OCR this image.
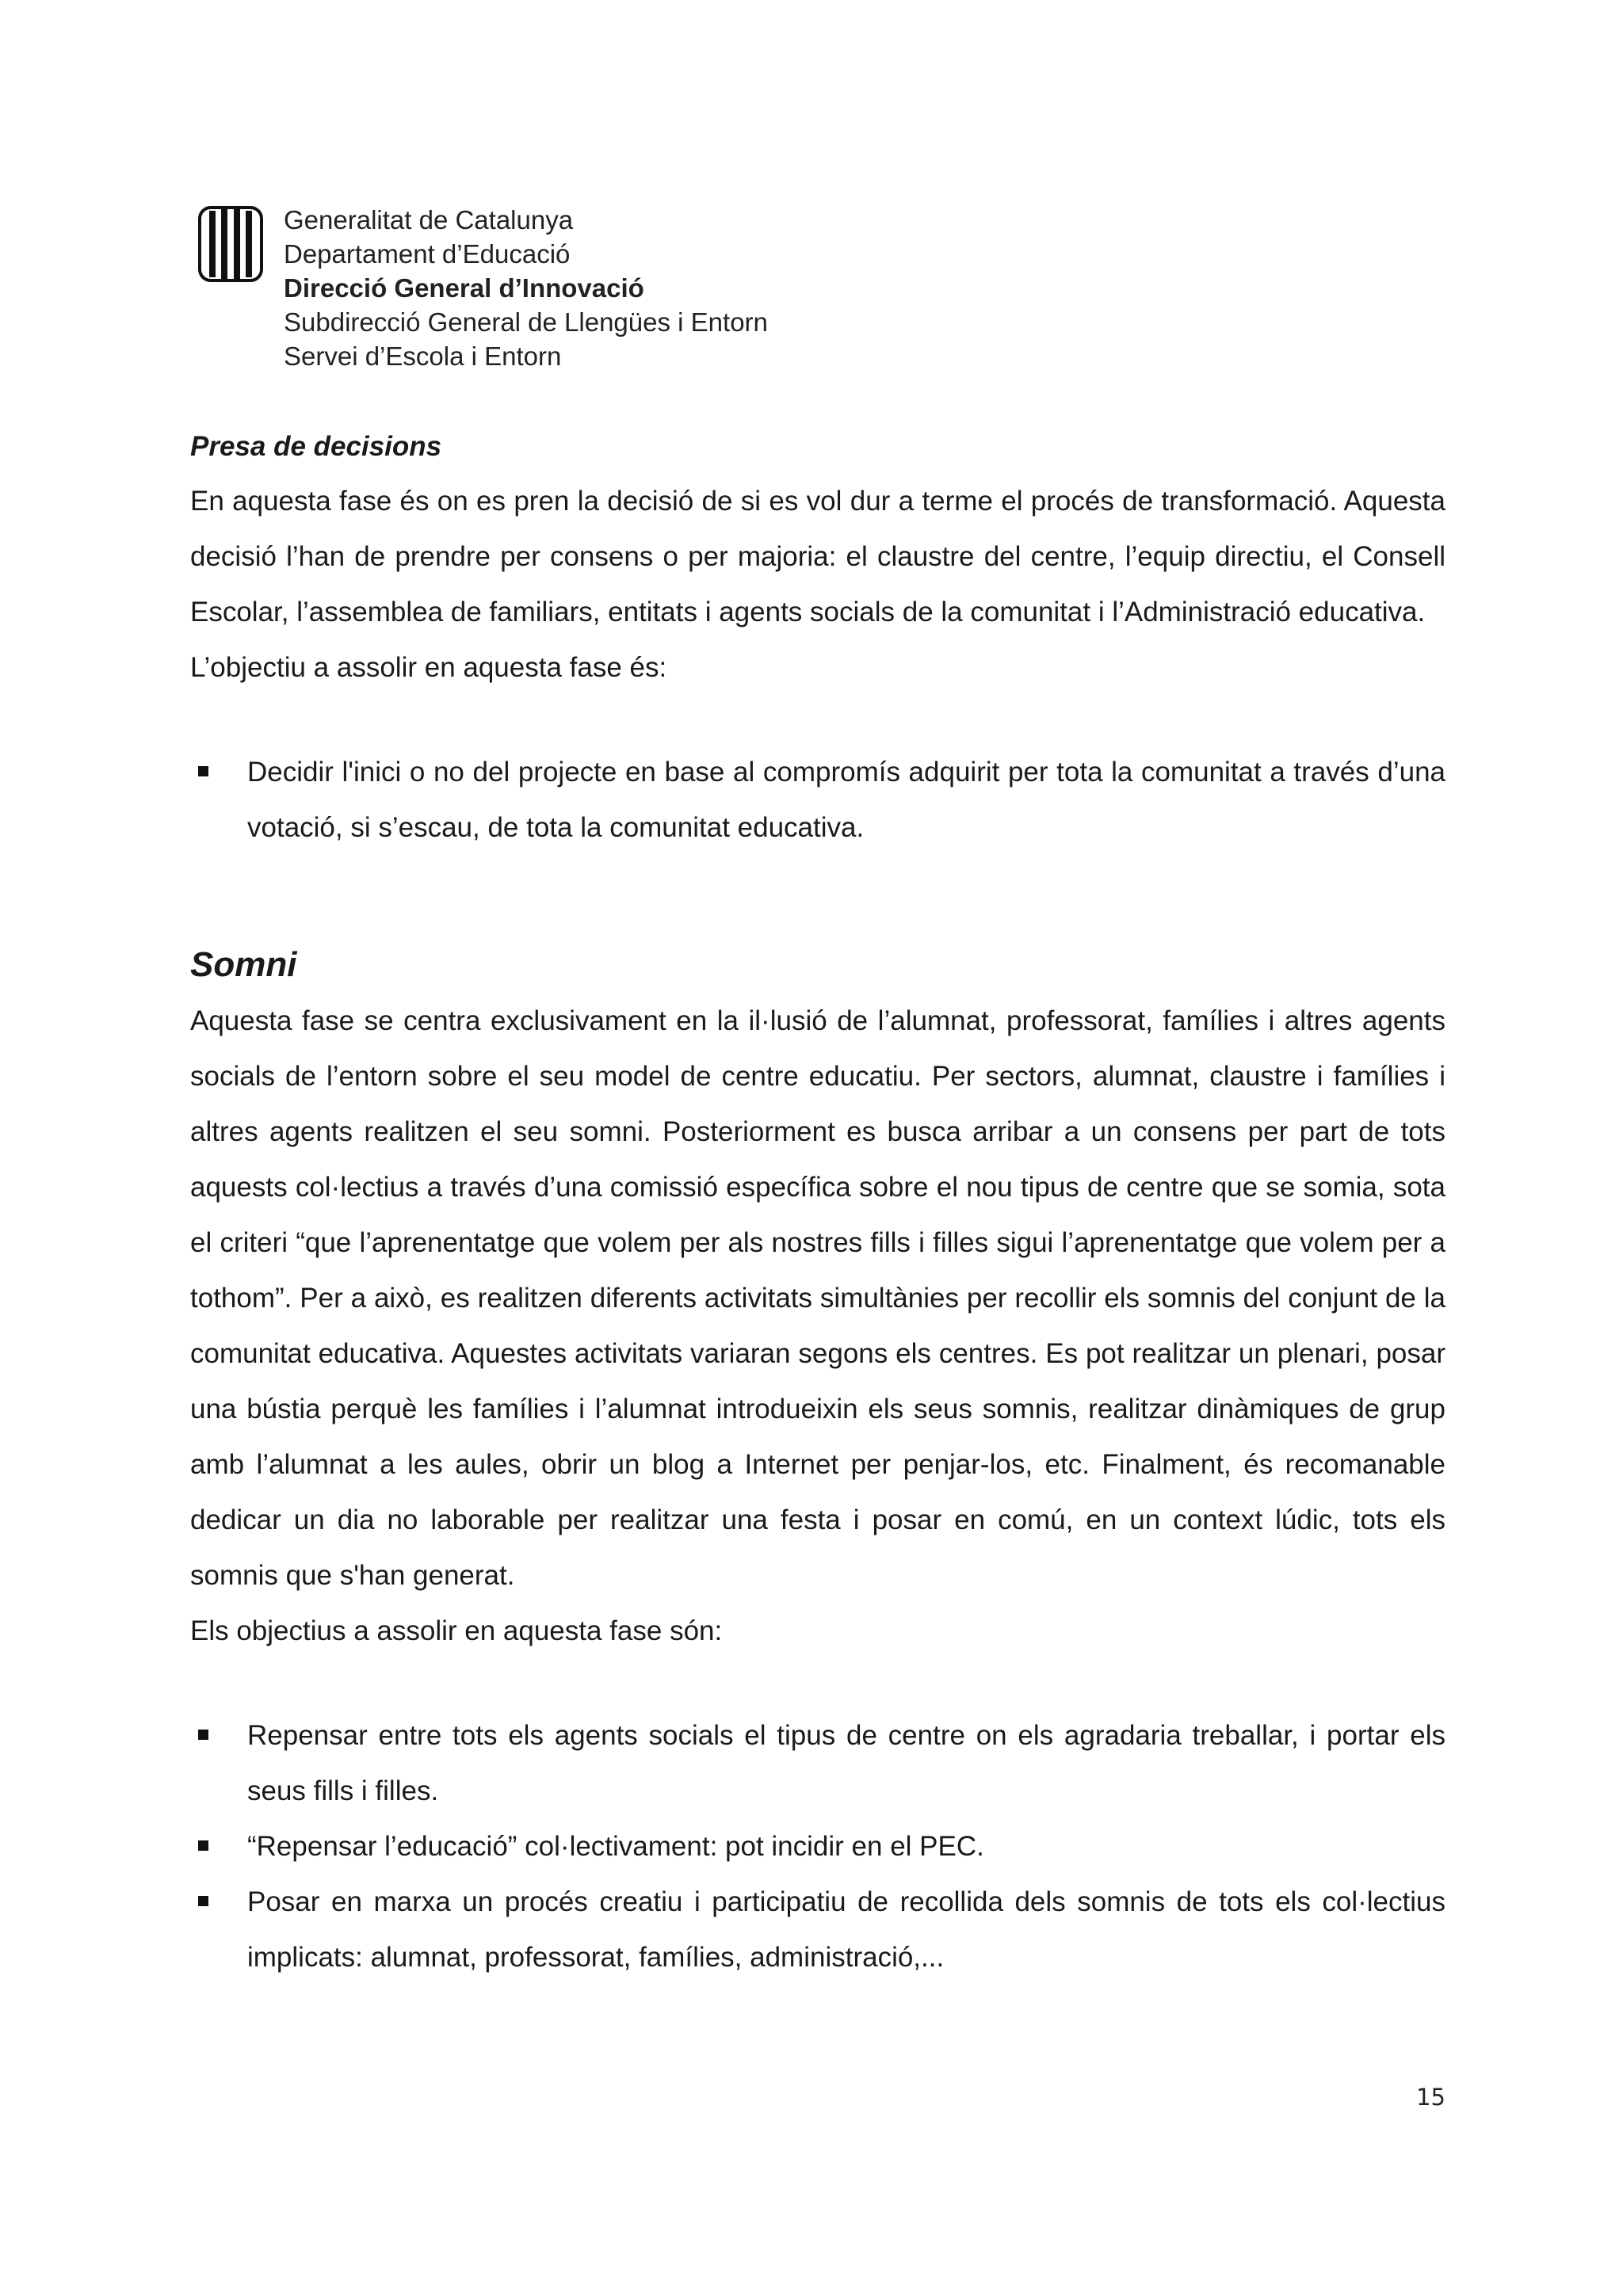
Generalitat de Catalunya
Departament d’Educació
Direcció General d’Innovació
Subdirecció General de Llengües i Entorn
Servei d’Escola i Entorn
Presa de decisions

En aquesta fase és on es pren la decisió de si es vol dur a terme el procés de transformació. Aquesta decisió l’han de prendre per consens o per majoria: el claustre del centre, l’equip directiu, el Consell Escolar, l’assemblea de familiars, entitats i agents socials de la comunitat i l’Administració educativa.

L’objectiu a assolir en aquesta fase és:

Decidir l'inici o no del projecte en base al compromís adquirit per tota la comunitat a través d’una votació, si s’escau, de tota la comunitat educativa.
Somni

Aquesta fase se centra exclusivament en la il·lusió de l’alumnat, professorat, famílies i altres agents socials de l’entorn sobre el seu model de centre educatiu. Per sectors, alumnat, claustre i famílies i altres agents realitzen el seu somni. Posteriorment es busca arribar a un consens per part de tots aquests col·lectius a través d’una comissió específica sobre el nou tipus de centre que se somia, sota el criteri “que l’aprenentatge que volem per als nostres fills i filles sigui l’aprenentatge que volem per a tothom”. Per a això, es realitzen diferents activitats simultànies per recollir els somnis del conjunt de la comunitat educativa. Aquestes activitats variaran segons els centres. Es pot realitzar un plenari, posar una bústia perquè les famílies i l’alumnat introdueixin els seus somnis, realitzar dinàmiques de grup amb l’alumnat a les aules, obrir un blog a Internet per penjar-los, etc. Finalment, és recomanable dedicar un dia no laborable per realitzar una festa i posar en comú, en un context lúdic, tots els somnis que s'han generat.

Els objectius a assolir en aquesta fase són:

Repensar entre tots els agents socials el tipus de centre on els agradaria treballar, i portar els seus fills i filles.
“Repensar l’educació” col·lectivament: pot incidir en el PEC.
Posar en marxa un procés creatiu i participatiu de recollida dels somnis de tots els col·lectius implicats: alumnat, professorat, famílies, administració,...
15
